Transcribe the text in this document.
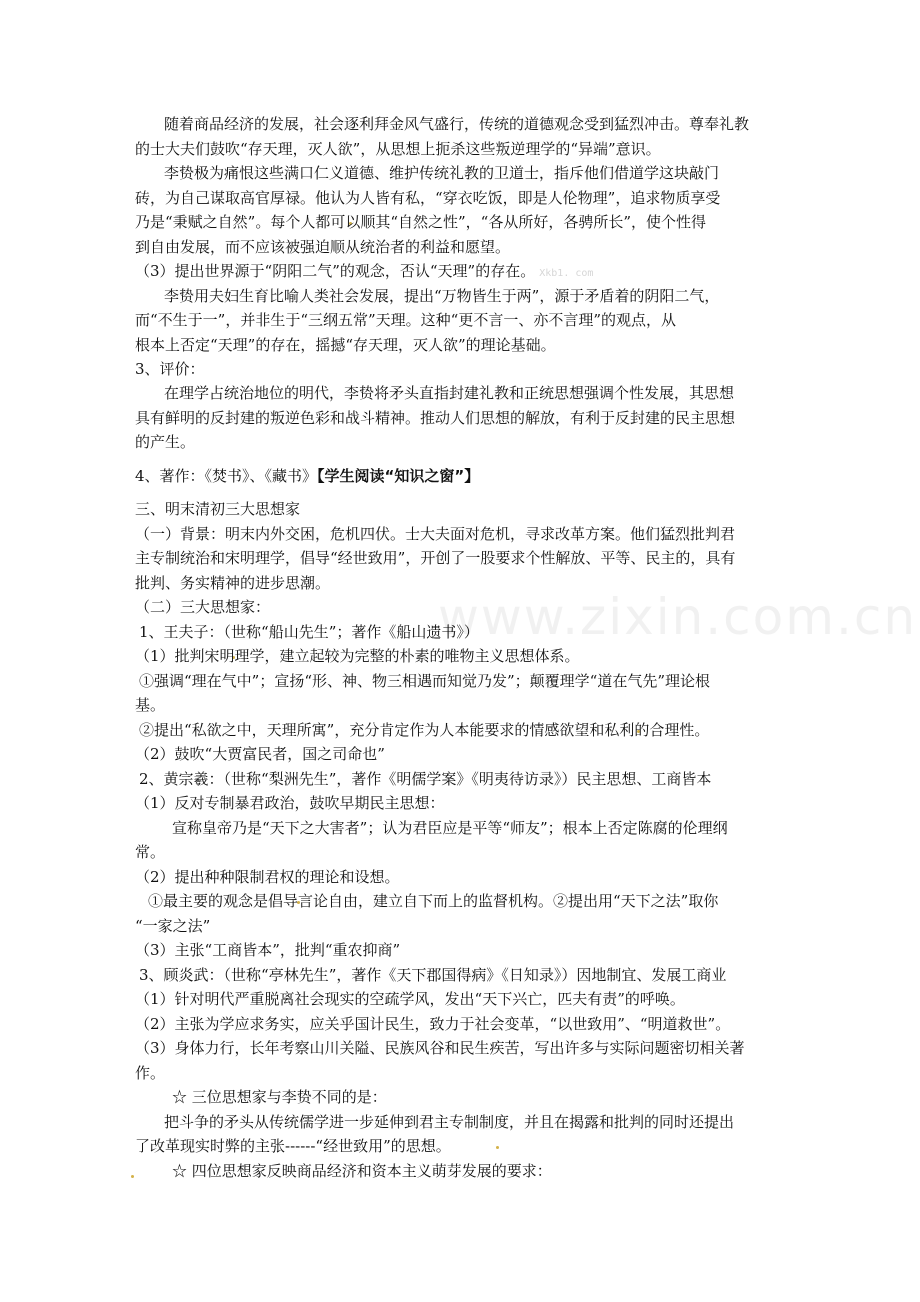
www.zixin.com.cn
随着商品经济的发展，社会逐利拜金风气盛行，传统的道德观念受到猛烈冲击。尊奉礼教
的士大夫们鼓吹“存天理，灭人欲”，从思想上扼杀这些叛逆理学的“异端”意识。
李贽极为痛恨这些满口仁义道德、维护传统礼教的卫道士，指斥他们借道学这块敲门
砖，为自己谋取高官厚禄。他认为人皆有私，“穿衣吃饭，即是人伦物理”，追求物质享受
乃是“秉赋之自然”。每个人都可以顺其“自然之性”，“各从所好，各骋所长”，使个性得
到自由发展，而不应该被强迫顺从统治者的利益和愿望。
（3）提出世界源于“阴阳二气”的观念，否认“天理”的存在。 Xkb1. com
李贽用夫妇生育比喻人类社会发展，提出“万物皆生于两”，源于矛盾着的阴阳二气，
而“不生于一”，并非生于“三纲五常”天理。这种“更不言一、亦不言理”的观点，从
根本上否定“天理”的存在，摇撼“存天理，灭人欲”的理论基础。
3、评价：
在理学占统治地位的明代，李贽将矛头直指封建礼教和正统思想强调个性发展，其思想
具有鲜明的反封建的叛逆色彩和战斗精神。推动人们思想的解放，有利于反封建的民主思想
的产生。
4、著作：《焚书》、《藏书》【学生阅读“知识之窗”】
三、明末清初三大思想家
（一）背景：明末内外交困，危机四伏。士大夫面对危机，寻求改革方案。他们猛烈批判君
主专制统治和宋明理学，倡导“经世致用”，开创了一股要求个性解放、平等、民主的，具有
批判、务实精神的进步思潮。
（二）三大思想家：
1、王夫子：（世称“船山先生”；著作《船山遗书》）
（1）批判宋明理学，建立起较为完整的朴素的唯物主义思想体系。
①强调“理在气中”；宣扬“形、神、物三相遇而知觉乃发”；颠覆理学“道在气先”理论根
基。
②提出“私欲之中，天理所寓”，充分肯定作为人本能要求的情感欲望和私利的合理性。
（2）鼓吹“大贾富民者，国之司命也”
2、黄宗羲：（世称“梨洲先生”，著作《明儒学案》《明夷待访录》）民主思想、工商皆本
（1）反对专制暴君政治，鼓吹早期民主思想：
宣称皇帝乃是“天下之大害者”；认为君臣应是平等“师友”；根本上否定陈腐的伦理纲
常。
（2）提出种种限制君权的理论和设想。
①最主要的观念是倡导言论自由，建立自下而上的监督机构。②提出用“天下之法”取你
“一家之法”
（3）主张“工商皆本”，批判“重农抑商”
3、顾炎武：（世称“亭林先生”，著作《天下郡国得病》《日知录》）因地制宜、发展工商业
（1）针对明代严重脱离社会现实的空疏学风，发出“天下兴亡，匹夫有责”的呼唤。
（2）主张为学应求务实，应关乎国计民生，致力于社会变革，“以世致用”、“明道救世”。
（3）身体力行，长年考察山川关隘、民族风谷和民生疾苦，写出许多与实际问题密切相关著
作。
☆ 三位思想家与李贽不同的是：
把斗争的矛头从传统儒学进一步延伸到君主专制制度，并且在揭露和批判的同时还提出
了改革现实时弊的主张------“经世致用”的思想。
☆ 四位思想家反映商品经济和资本主义萌芽发展的要求：
